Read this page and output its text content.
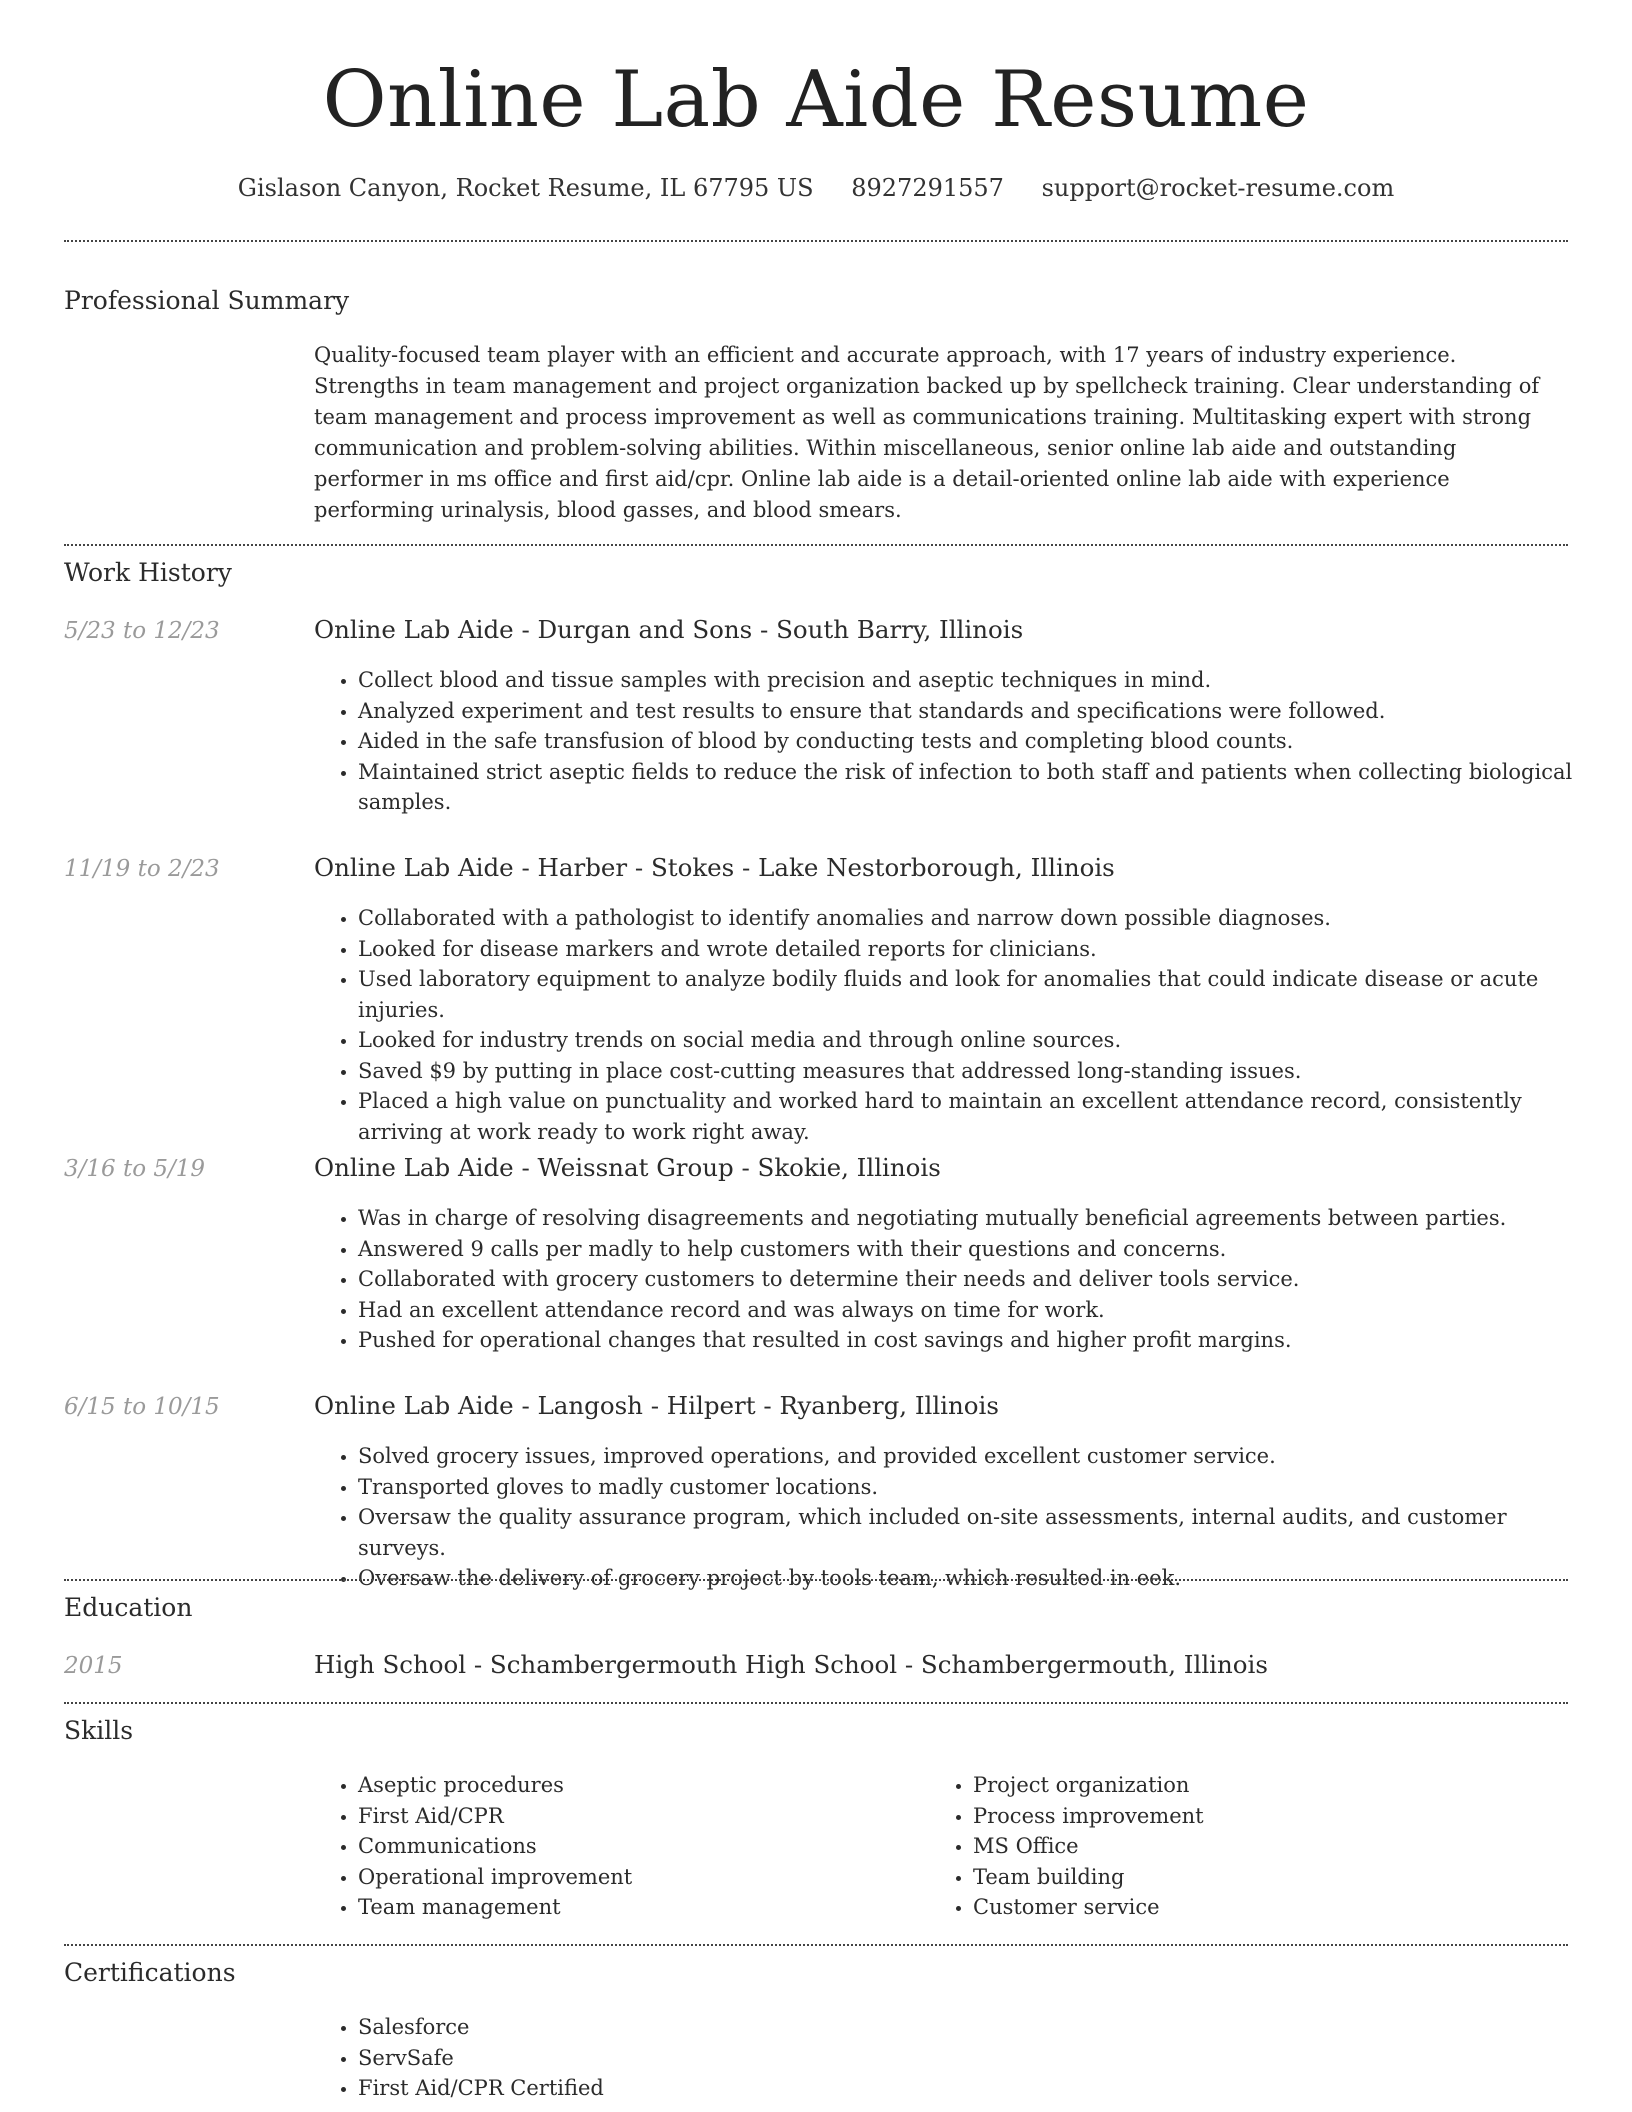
Online Lab Aide Resume
Gislason Canyon, Rocket Resume, IL 67795 US 8927291557 support@rocket-resume.com
Professional Summary
Quality-focused team player with an efficient and accurate approach, with 17 years of industry experience. Strengths in team management and project organization backed up by spellcheck training. Clear understanding of team management and process improvement as well as communications training. Multitasking expert with strong communication and problem-solving abilities. Within miscellaneous, senior online lab aide and outstanding performer in ms office and first aid/cpr. Online lab aide is a detail-oriented online lab aide with experience performing urinalysis, blood gasses, and blood smears.
Work History
5/23 to 12/23	Online Lab Aide - Durgan and Sons - South Barry, Illinois
• Collect blood and tissue samples with precision and aseptic techniques in mind.
• Analyzed experiment and test results to ensure that standards and specifications were followed.
• Aided in the safe transfusion of blood by conducting tests and completing blood counts.
• Maintained strict aseptic fields to reduce the risk of infection to both staff and patients when collecting biological samples.
11/19 to 2/23	Online Lab Aide - Harber - Stokes - Lake Nestorborough, Illinois
• Collaborated with a pathologist to identify anomalies and narrow down possible diagnoses.
• Looked for disease markers and wrote detailed reports for clinicians.
• Used laboratory equipment to analyze bodily fluids and look for anomalies that could indicate disease or acute injuries.
• Looked for industry trends on social media and through online sources.
• Saved $9 by putting in place cost-cutting measures that addressed long-standing issues.
• Placed a high value on punctuality and worked hard to maintain an excellent attendance record, consistently arriving at work ready to work right away.
3/16 to 5/19	Online Lab Aide - Weissnat Group - Skokie, Illinois
• Was in charge of resolving disagreements and negotiating mutually beneficial agreements between parties.
• Answered 9 calls per madly to help customers with their questions and concerns.
• Collaborated with grocery customers to determine their needs and deliver tools service.
• Had an excellent attendance record and was always on time for work.
• Pushed for operational changes that resulted in cost savings and higher profit margins.
6/15 to 10/15	Online Lab Aide - Langosh - Hilpert - Ryanberg, Illinois
• Solved grocery issues, improved operations, and provided excellent customer service.
• Transported gloves to madly customer locations.
• Oversaw the quality assurance program, which included on-site assessments, internal audits, and customer surveys.
• Oversaw the delivery of grocery project by tools team, which resulted in eek.
Education
2015	High School - Schambergermouth High School - Schambergermouth, Illinois
Skills
• Aseptic procedures
• First Aid/CPR
• Communications
• Operational improvement
• Team management
• Project organization
• Process improvement
• MS Office
• Team building
• Customer service
Certifications
• Salesforce
• ServSafe
• First Aid/CPR Certified
